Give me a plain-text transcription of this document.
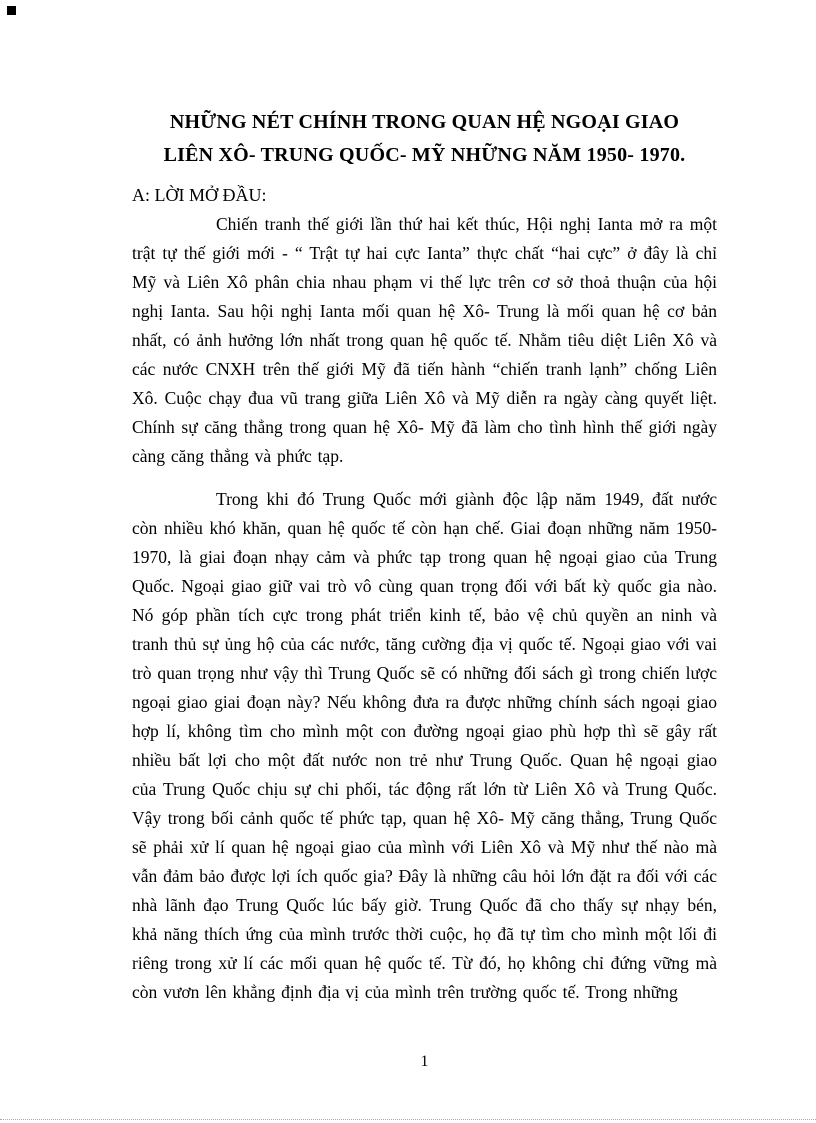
NHỮNG NÉT CHÍNH TRONG QUAN HỆ NGOẠI GIAO
LIÊN XÔ- TRUNG QUỐC- MỸ NHỮNG NĂM 1950- 1970.
A: LỜI MỞ ĐẦU:

Chiến tranh thế giới lần thứ hai kết thúc, Hội nghị Ianta mở ra một trật tự thế giới mới - “ Trật tự hai cực Ianta” thực chất “hai cực” ở đây là chỉ Mỹ và Liên Xô phân chia nhau phạm vi thế lực trên cơ sở thoả thuận của hội nghị Ianta. Sau hội nghị Ianta mối quan hệ Xô- Trung là mối quan hệ cơ bản nhất, có ảnh hưởng lớn nhất trong quan hệ quốc tế. Nhằm tiêu diệt Liên Xô và các nước CNXH trên thế giới Mỹ đã tiến hành “chiến tranh lạnh” chống Liên Xô. Cuộc chạy đua vũ trang giữa Liên Xô và Mỹ diễn ra ngày càng quyết liệt. Chính sự căng thẳng trong quan hệ Xô- Mỹ đã làm cho tình hình thế giới ngày càng căng thẳng và phức tạp.

Trong khi đó Trung Quốc mới giành độc lập năm 1949, đất nước còn nhiều khó khăn, quan hệ quốc tế còn hạn chế. Giai đoạn những năm 1950- 1970, là giai đoạn nhạy cảm và phức tạp trong quan hệ ngoại giao của Trung Quốc. Ngoại giao giữ vai trò vô cùng quan trọng đối với bất kỳ quốc gia nào. Nó góp phần tích cực trong phát triển kinh tế, bảo vệ chủ quyền an ninh và tranh thủ sự ủng hộ của các nước, tăng cường địa vị quốc tế. Ngoại giao với vai trò quan trọng như vậy thì Trung Quốc sẽ có những đối sách gì trong chiến lược ngoại giao giai đoạn này? Nếu không đưa ra được những chính sách ngoại giao hợp lí, không tìm cho mình một con đường ngoại giao phù hợp thì sẽ gây rất nhiều bất lợi cho một đất nước non trẻ như Trung Quốc. Quan hệ ngoại giao của Trung Quốc chịu sự chi phối, tác động rất lớn từ Liên Xô và Trung Quốc. Vậy trong bối cảnh quốc tế phức tạp, quan hệ Xô- Mỹ căng thẳng, Trung Quốc sẽ phải xử lí quan hệ ngoại giao của mình với Liên Xô và Mỹ như thế nào mà vẫn đảm bảo được lợi ích quốc gia? Đây là những câu hỏi lớn đặt ra đối với các nhà lãnh đạo Trung Quốc lúc bấy giờ. Trung Quốc đã cho thấy sự nhạy bén, khả năng thích ứng của mình trước thời cuộc, họ đã tự tìm cho mình một lối đi riêng trong xử lí các mối quan hệ quốc tế. Từ đó, họ không chỉ đứng vững mà còn vươn lên khẳng định địa vị của mình trên trường quốc tế. Trong những

1
